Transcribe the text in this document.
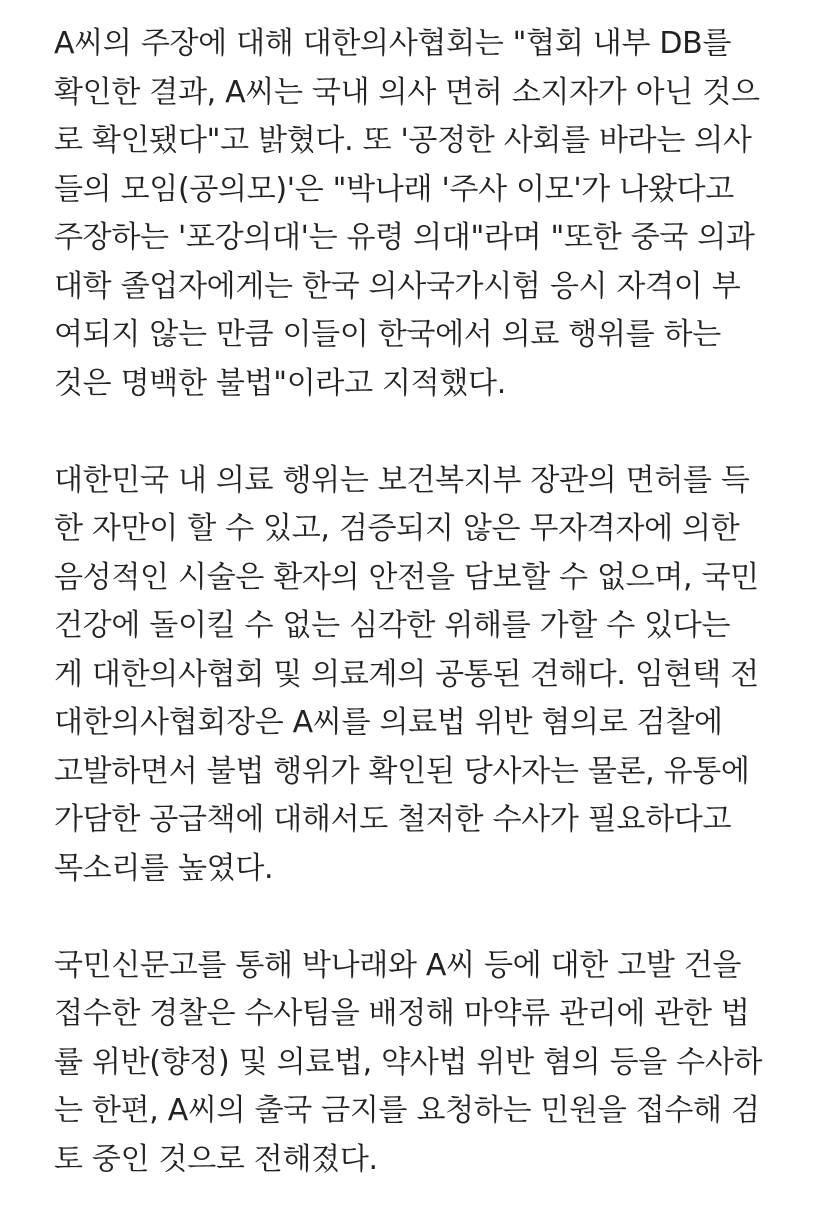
A씨의 주장에 대해 대한의사협회는 "협회 내부 DB를
확인한 결과, A씨는 국내 의사 면허 소지자가 아닌 것으
로 확인됐다"고 밝혔다. 또 '공정한 사회를 바라는 의사
들의 모임(공의모)'은 "박나래 '주사 이모'가 나왔다고
주장하는 '포강의대'는 유령 의대"라며 "또한 중국 의과
대학 졸업자에게는 한국 의사국가시험 응시 자격이 부
여되지 않는 만큼 이들이 한국에서 의료 행위를 하는
것은 명백한 불법"이라고 지적했다.
대한민국 내 의료 행위는 보건복지부 장관의 면허를 득
한 자만이 할 수 있고, 검증되지 않은 무자격자에 의한
음성적인 시술은 환자의 안전을 담보할 수 없으며, 국민
건강에 돌이킬 수 없는 심각한 위해를 가할 수 있다는
게 대한의사협회 및 의료계의 공통된 견해다. 임현택 전
대한의사협회장은 A씨를 의료법 위반 혐의로 검찰에
고발하면서 불법 행위가 확인된 당사자는 물론, 유통에
가담한 공급책에 대해서도 철저한 수사가 필요하다고
목소리를 높였다.
국민신문고를 통해 박나래와 A씨 등에 대한 고발 건을
접수한 경찰은 수사팀을 배정해 마약류 관리에 관한 법
률 위반(향정) 및 의료법, 약사법 위반 혐의 등을 수사하
는 한편, A씨의 출국 금지를 요청하는 민원을 접수해 검
토 중인 것으로 전해졌다.
